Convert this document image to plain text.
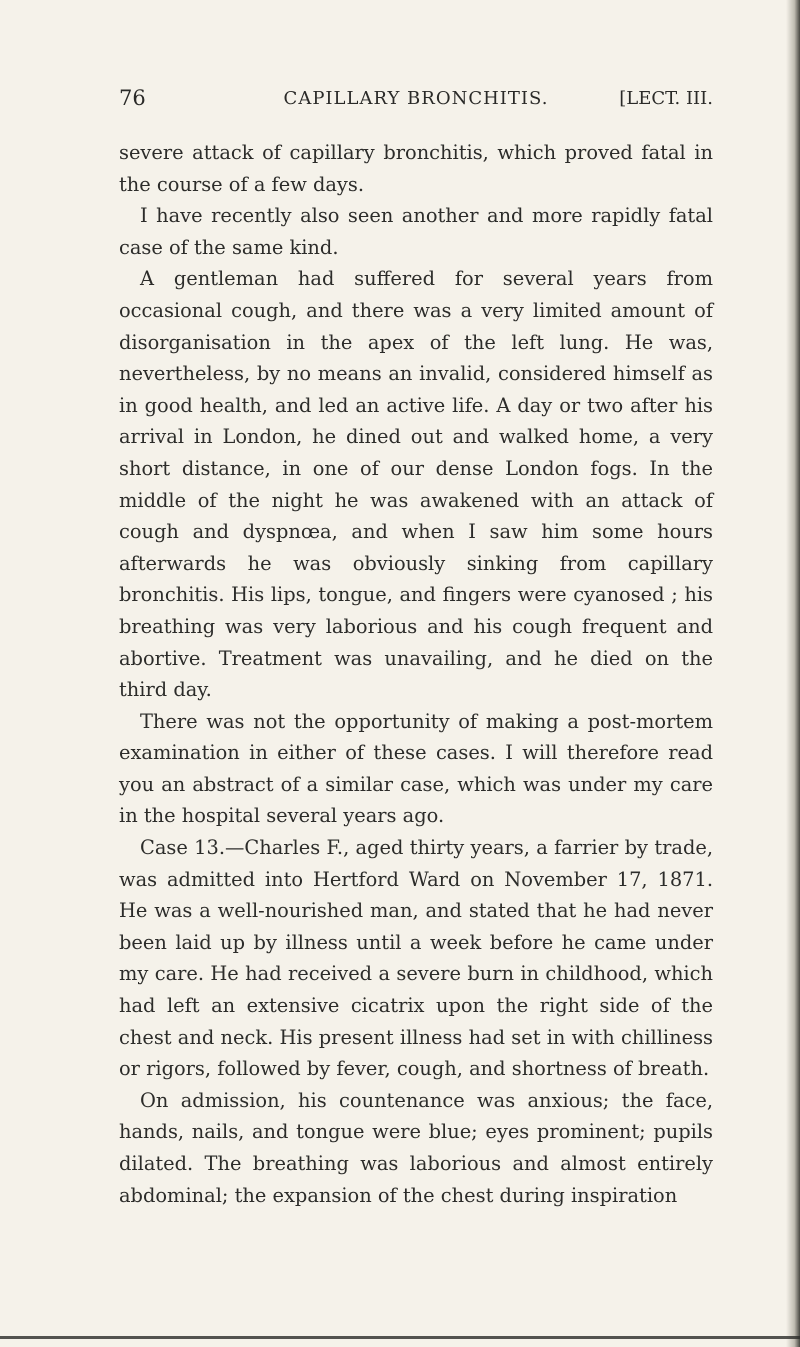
76	CAPILLARY BRONCHITIS.	[LECT. III.

severe attack of capillary bronchitis, which proved fatal in the course of a few days.

I have recently also seen another and more rapidly fatal case of the same kind.

A gentleman had suffered for several years from occasional cough, and there was a very limited amount of disorganisation in the apex of the left lung. He was, nevertheless, by no means an invalid, considered himself as in good health, and led an active life. A day or two after his arrival in London, he dined out and walked home, a very short distance, in one of our dense London fogs. In the middle of the night he was awakened with an attack of cough and dyspnœa, and when I saw him some hours afterwards he was obviously sinking from capillary bronchitis. His lips, tongue, and fingers were cyanosed ; his breathing was very laborious and his cough frequent and abortive. Treatment was unavailing, and he died on the third day.

There was not the opportunity of making a post-mortem examination in either of these cases. I will therefore read you an abstract of a similar case, which was under my care in the hospital several years ago.

Case 13.—Charles F., aged thirty years, a farrier by trade, was admitted into Hertford Ward on November 17, 1871. He was a well-nourished man, and stated that he had never been laid up by illness until a week before he came under my care. He had received a severe burn in childhood, which had left an extensive cicatrix upon the right side of the chest and neck. His present illness had set in with chilliness or rigors, followed by fever, cough, and shortness of breath.

On admission, his countenance was anxious; the face, hands, nails, and tongue were blue; eyes prominent; pupils dilated. The breathing was laborious and almost entirely abdominal; the expansion of the chest during inspiration
